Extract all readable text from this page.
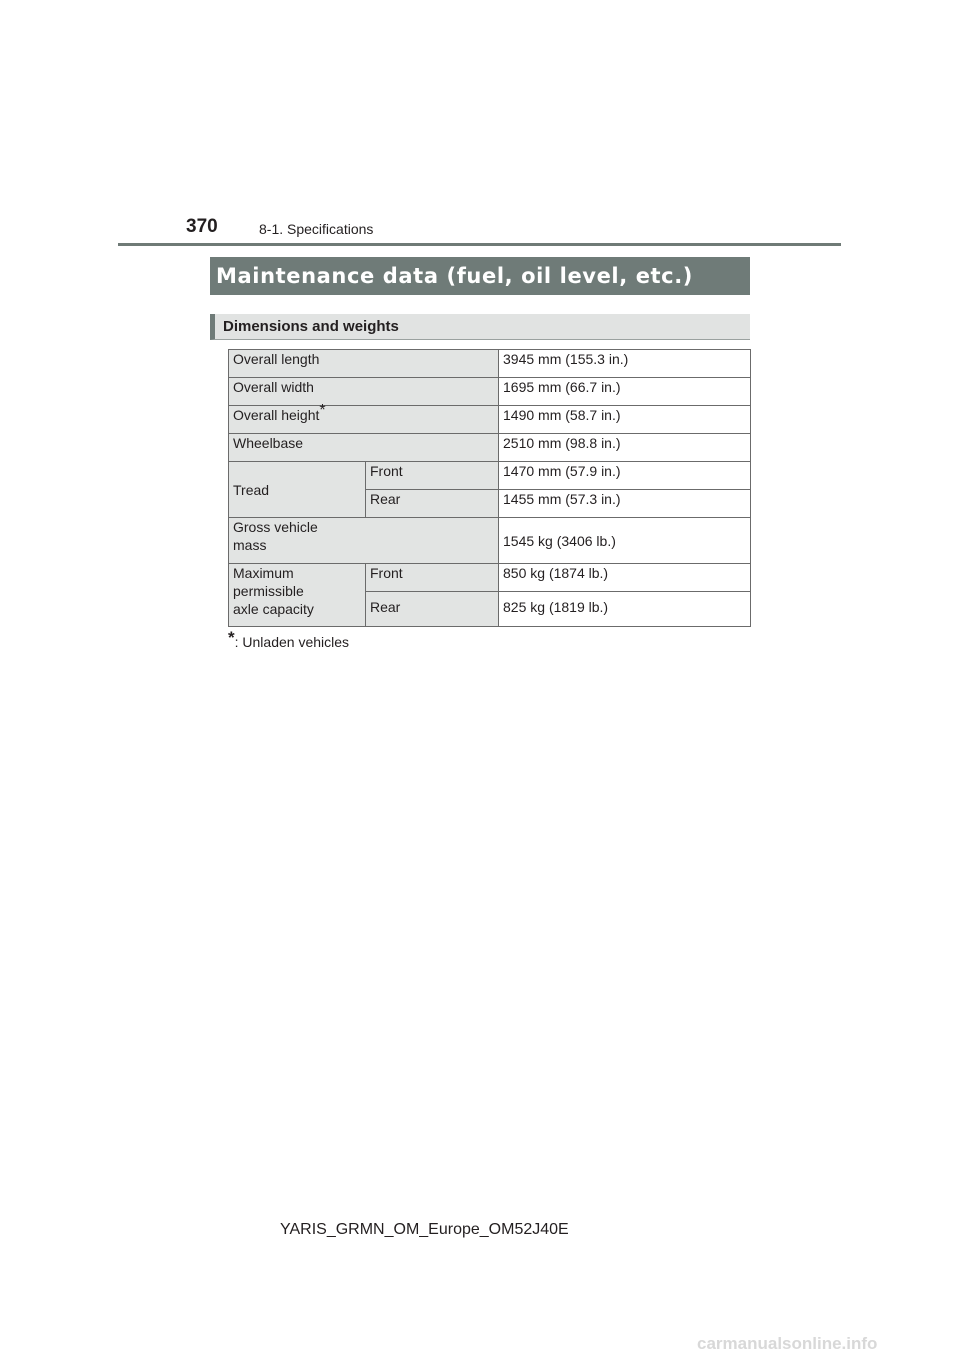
370	8-1. Specifications
Maintenance data (fuel, oil level, etc.)
Dimensions and weights
Overall length		3945 mm (155.3 in.)
Overall width		1695 mm (66.7 in.)
Overall height*		1490 mm (58.7 in.)
Wheelbase		2510 mm (98.8 in.)
Tread	Front	1470 mm (57.9 in.)
	Rear	1455 mm (57.3 in.)
Gross vehicle
mass		1545 kg (3406 lb.)
Maximum
permissible
axle capacity	Front	850 kg (1874 lb.)
	Rear	825 kg (1819 lb.)
*: Unladen vehicles
YARIS_GRMN_OM_Europe_OM52J40E
carmanualsonline.info
